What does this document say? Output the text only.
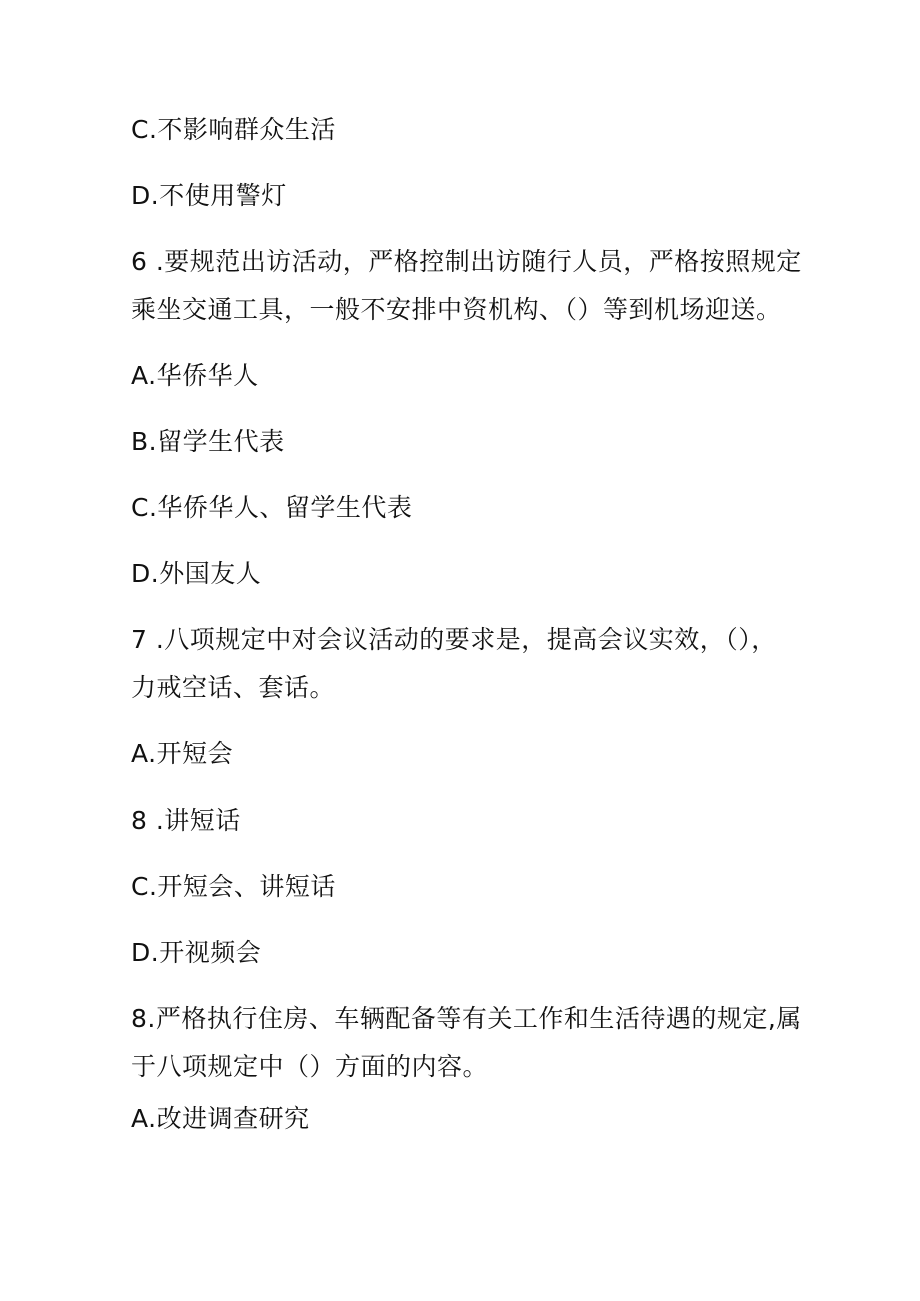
C.不影响群众生活
D.不使用警灯
6 .要规范出访活动，严格控制出访随行人员，严格按照规定
乘坐交通工具，一般不安排中资机构、（）等到机场迎送。
A.华侨华人
B.留学生代表
C.华侨华人、留学生代表
D.外国友人
7 .八项规定中对会议活动的要求是，提高会议实效，（），
力戒空话、套话。
A.开短会
8 .讲短话
C.开短会、讲短话
D.开视频会
8.严格执行住房、车辆配备等有关工作和生活待遇的规定,属
于八项规定中（）方面的内容。
A.改进调查研究
